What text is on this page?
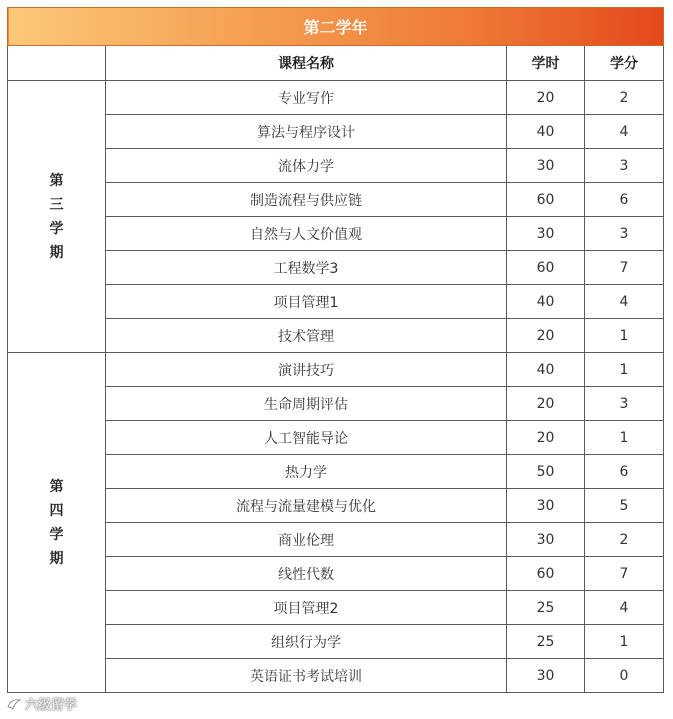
第二学年			
	课程名称	学时	学分

第
三
学
期	专业写作	20	2
	算法与程序设计	40	4
	流体力学	30	3
	制造流程与供应链	60	6
	自然与人文价值观	30	3
	工程数学3	60	7
	项目管理1	40	4
	技术管理	20	1

第
四
学
期	演讲技巧	40	1
	生命周期评估	20	3
	人工智能导论	20	1
	热力学	50	6
	流程与流量建模与优化	30	5
	商业伦理	30	2
	线性代数	60	7
	项目管理2	25	4
	组织行为学	25	1
	英语证书考试培训	30	0
六级留学
